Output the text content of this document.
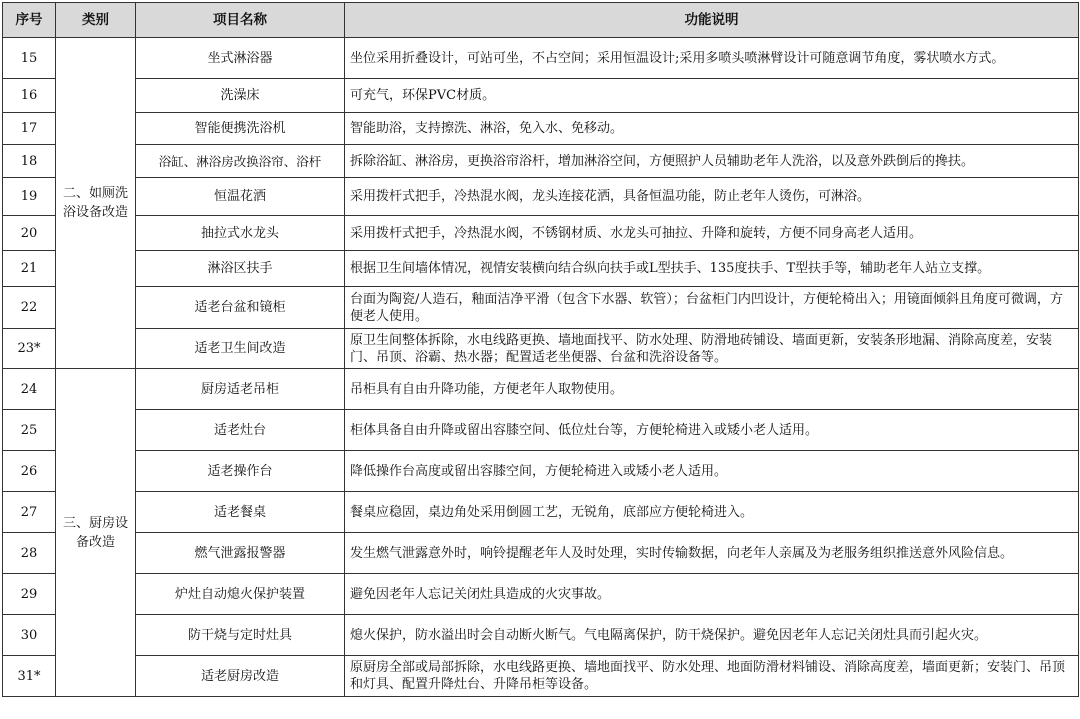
序号	类别	项目名称	功能说明
15	二、如厕洗浴设备改造	坐式淋浴器	坐位采用折叠设计，可站可坐，不占空间；采用恒温设计;采用多喷头喷淋臂设计可随意调节角度，雾状喷水方式。
16		洗澡床	可充气，环保PVC材质。
17		智能便携洗浴机	智能助浴，支持擦洗、淋浴，免入水、免移动。
18		浴缸、淋浴房改换浴帘、浴杆	拆除浴缸、淋浴房，更换浴帘浴杆，增加淋浴空间，方便照护人员辅助老年人洗浴，以及意外跌倒后的搀扶。
19		恒温花洒	采用拨杆式把手，冷热混水阀，龙头连接花洒，具备恒温功能，防止老年人烫伤，可淋浴。
20		抽拉式水龙头	采用拨杆式把手，冷热混水阀，不锈钢材质、水龙头可抽拉、升降和旋转，方便不同身高老人适用。
21		淋浴区扶手	根据卫生间墙体情况，视情安装横向结合纵向扶手或L型扶手、135度扶手、T型扶手等，辅助老年人站立支撑。
22		适老台盆和镜柜	台面为陶瓷/人造石，釉面洁净平滑（包含下水器、软管）；台盆柜门内凹设计，方便轮椅出入；用镜面倾斜且角度可微调，方便老人使用。
23*		适老卫生间改造	原卫生间整体拆除，水电线路更换、墙地面找平、防水处理、防滑地砖铺设、墙面更新，安装条形地漏、消除高度差，安装门、吊顶、浴霸、热水器；配置适老坐便器、台盆和洗浴设备等。
24	三、厨房设备改造	厨房适老吊柜	吊柜具有自由升降功能，方便老年人取物使用。
25		适老灶台	柜体具备自由升降或留出容膝空间、低位灶台等，方便轮椅进入或矮小老人适用。
26		适老操作台	降低操作台高度或留出容膝空间，方便轮椅进入或矮小老人适用。
27		适老餐桌	餐桌应稳固，桌边角处采用倒圆工艺，无锐角，底部应方便轮椅进入。
28		燃气泄露报警器	发生燃气泄露意外时，响铃提醒老年人及时处理，实时传输数据，向老年人亲属及为老服务组织推送意外风险信息。
29		炉灶自动熄火保护装置	避免因老年人忘记关闭灶具造成的火灾事故。
30		防干烧与定时灶具	熄火保护，防水溢出时会自动断火断气。气电隔离保护，防干烧保护。避免因老年人忘记关闭灶具而引起火灾。
31*		适老厨房改造	原厨房全部或局部拆除，水电线路更换、墙地面找平、防水处理、地面防滑材料铺设、消除高度差，墙面更新；安装门、吊顶和灯具、配置升降灶台、升降吊柜等设备。
